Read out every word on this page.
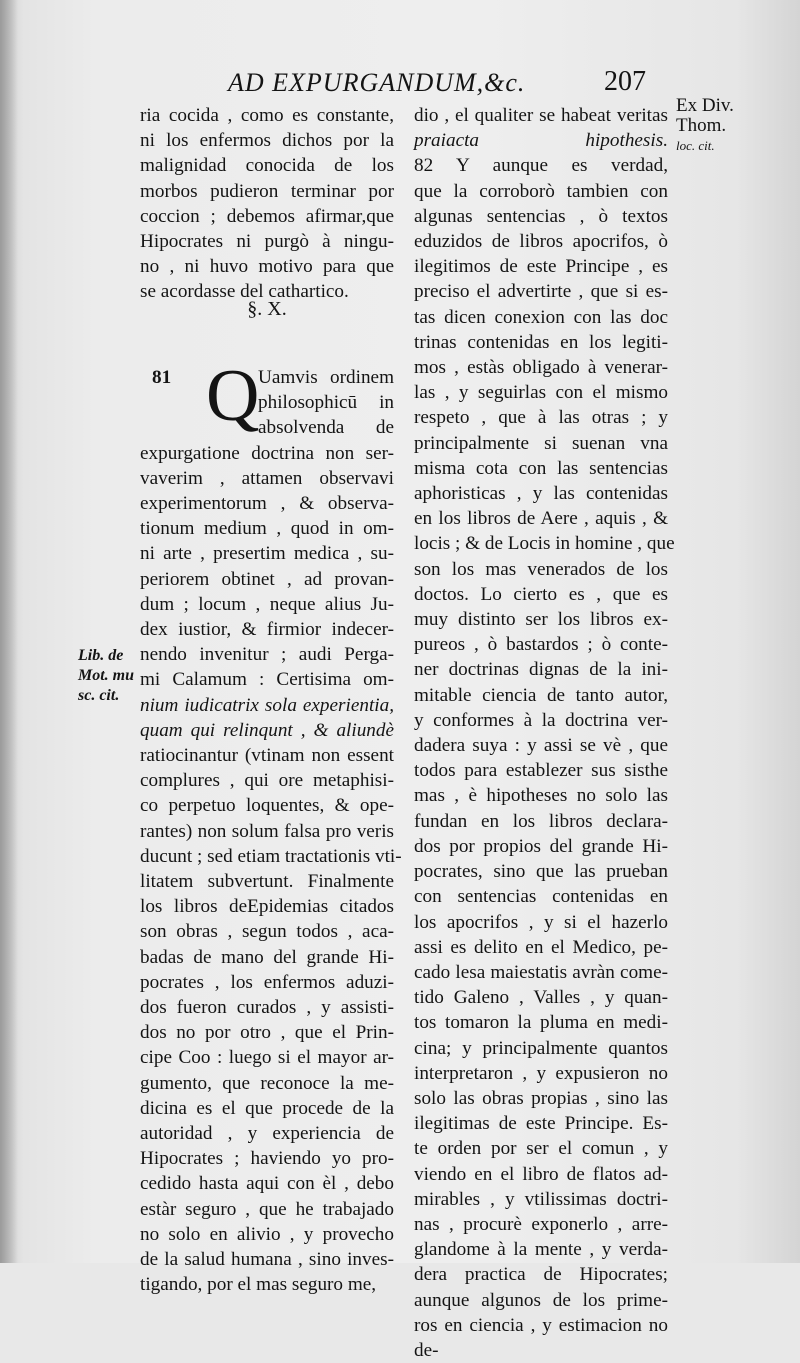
AD EXPURGANDUM,&c.	207
ria cocida , como es constante,
ni los enfermos dichos por la
malignidad conocida de los
morbos pudieron terminar por
coccion ; debemos afirmar,que
Hipocrates ni purgò à ningu-
no , ni huvo motivo para que
se acordasse del cathartico.
§. X.
81 Q
Uamvis ordinem
philosophicū in
absolvenda de
expurgatione doctrina non ser-
vaverim , attamen observavi
experimentorum , & observa-
tionum medium , quod in om-
ni arte , presertim medica , su-
periorem obtinet , ad provan-
dum ; locum , neque alius Ju-
dex iustior, & firmior indecer-
nendo invenitur ; audi Perga-
mi Calamum : Certisima om-
nium iudicatrix sola experientia,
quam qui relinqunt , & aliundè
ratiocinantur (vtinam non essent
complures , qui ore metaphisi-
co perpetuo loquentes, & ope-
rantes) non solum falsa pro veris
ducunt ; sed etiam tractationis vti-
litatem subvertunt. Finalmente
los libros deEpidemias citados
son obras , segun todos , aca-
badas de mano del grande Hi-
pocrates , los enfermos aduzi-
dos fueron curados , y assisti-
dos no por otro , que el Prin-
cipe Coo : luego si el mayor ar-
gumento, que reconoce la me-
dicina es el que procede de la
autoridad , y experiencia de
Hipocrates ; haviendo yo pro-
cedido hasta aqui con èl , debo
estàr seguro , que he trabajado
no solo en alivio , y provecho
de la salud humana , sino inves-
tigando, por el mas seguro me,
dio , el qualiter se habeat veritas
praiacta hipothesis.
82 Y aunque es verdad,
que la corroborò tambien con
algunas sentencias , ò textos
eduzidos de libros apocrifos, ò
ilegitimos de este Principe , es
preciso el advertirte , que si es-
tas dicen conexion con las doc
trinas contenidas en los legiti-
mos , estàs obligado à venerar-
las , y seguirlas con el mismo
respeto , que à las otras ; y
principalmente si suenan vna
misma cota con las sentencias
aphoristicas , y las contenidas
en los libros de Aere , aquis , &
locis ; & de Locis in homine , que
son los mas venerados de los
doctos. Lo cierto es , que es
muy distinto ser los libros ex-
pureos , ò bastardos ; ò conte-
ner doctrinas dignas de la ini-
mitable ciencia de tanto autor,
y conformes à la doctrina ver-
dadera suya : y assi se vè , que
todos para establezer sus sisthe
mas , è hipotheses no solo las
fundan en los libros declara-
dos por propios del grande Hi-
pocrates, sino que las prueban
con sentencias contenidas en
los apocrifos , y si el hazerlo
assi es delito en el Medico, pe-
cado lesa maiestatis avràn come-
tido Galeno , Valles , y quan-
tos tomaron la pluma en medi-
cina; y principalmente quantos
interpretaron , y expusieron no
solo las obras propias , sino las
ilegitimas de este Principe. Es-
te orden por ser el comun , y
viendo en el libro de flatos ad-
mirables , y vtilissimas doctri-
nas , procurè exponerlo , arre-
glandome à la mente , y verda-
dera practica de Hipocrates;
aunque algunos de los prime-
ros en ciencia , y estimacion no
de-
Lib. de
Mot. mu
sc. cit.
Ex Div.
Thom.
loc. cit.
